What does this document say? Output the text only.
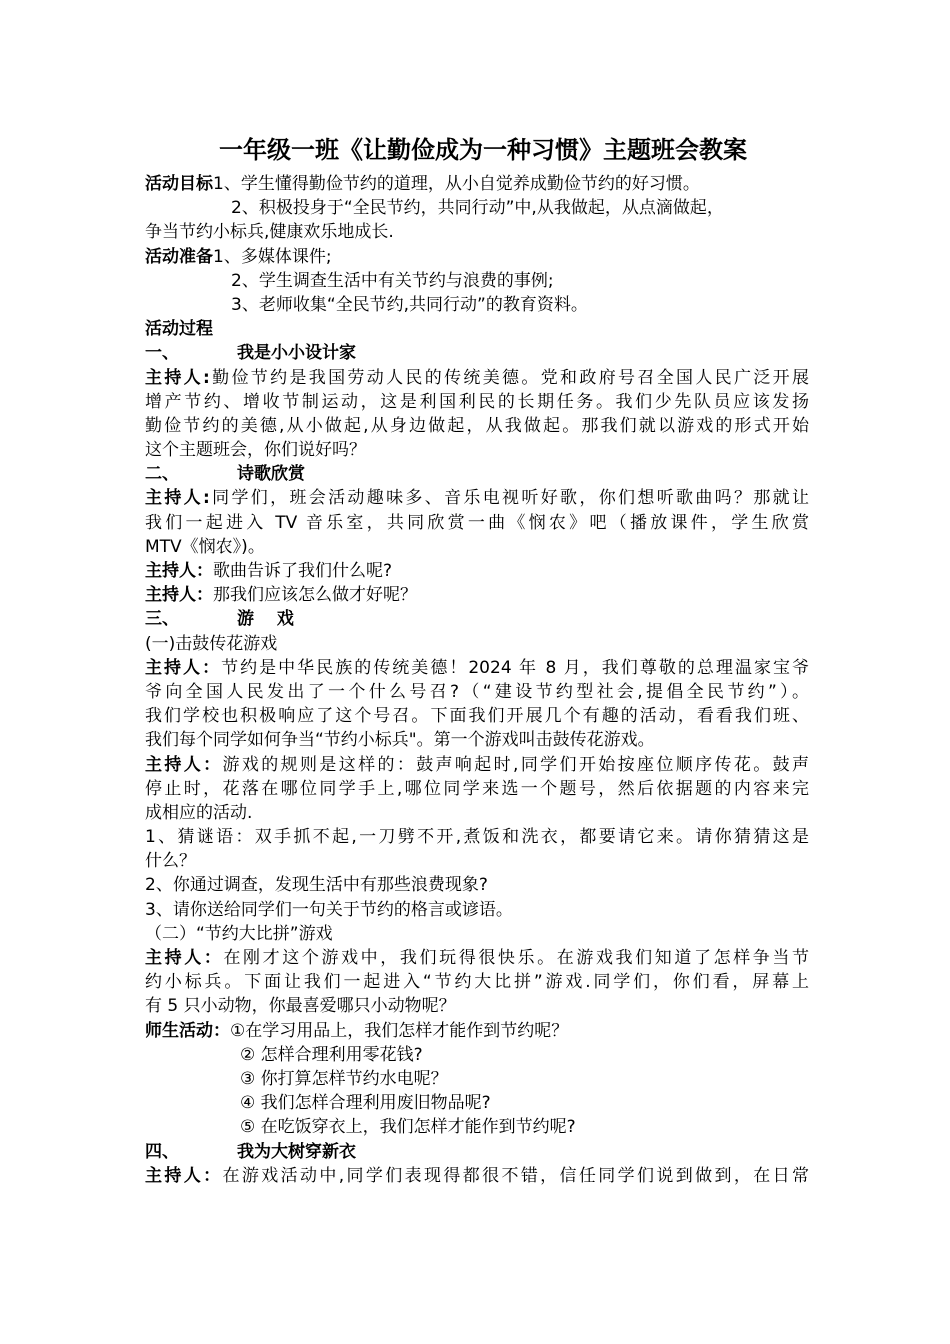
一年级一班《让勤俭成为一种习惯》主题班会教案
活动目标1、学生懂得勤俭节约的道理，从小自觉养成勤俭节约的好习惯。
2、积极投身于“全民节约，共同行动”中,从我做起，从点滴做起，
争当节约小标兵,健康欢乐地成长.
活动准备1、多媒体课件;
2、学生调查生活中有关节约与浪费的事例;
3、老师收集“全民节约,共同行动”的教育资料。
活动过程
一、	我是小小设计家
主持人:勤俭节约是我国劳动人民的传统美德。党和政府号召全国人民广泛开展
增产节约、增收节制运动，这是利国利民的长期任务。我们少先队员应该发扬
勤俭节约的美德,从小做起,从身边做起，从我做起。那我们就以游戏的形式开始
这个主题班会，你们说好吗？
二、	诗歌欣赏
主持人:同学们，班会活动趣味多、音乐电视听好歌，你们想听歌曲吗？那就让
我们一起进入 TV 音乐室，共同欣赏一曲《悯农》吧（播放课件，学生欣赏
MTV《悯农》)。
主持人：歌曲告诉了我们什么呢?
主持人：那我们应该怎么做才好呢？
三、	游　 戏
(一)击鼓传花游戏
主持人：节约是中华民族的传统美德！2024 年 8 月，我们尊敬的总理温家宝爷
爷向全国人民发出了一个什么号召?（“建设节约型社会,提倡全民节约”）。
我们学校也积极响应了这个号召。下面我们开展几个有趣的活动，看看我们班、
我们每个同学如何争当“节约小标兵"。第一个游戏叫击鼓传花游戏。
主持人：游戏的规则是这样的：鼓声响起时,同学们开始按座位顺序传花。鼓声
停止时，花落在哪位同学手上,哪位同学来选一个题号，然后依据题的内容来完
成相应的活动.
1、猜谜语：双手抓不起,一刀劈不开,煮饭和洗衣，都要请它来。请你猜猜这是
什么？
2、你通过调查，发现生活中有那些浪费现象?
3、请你送给同学们一句关于节约的格言或谚语。
（二）“节约大比拼”游戏
主持人：在刚才这个游戏中，我们玩得很快乐。在游戏我们知道了怎样争当节
约小标兵。下面让我们一起进入“节约大比拼”游戏.同学们，你们看，屏幕上
有 5 只小动物，你最喜爱哪只小动物呢？
师生活动：①在学习用品上，我们怎样才能作到节约呢？
② 怎样合理利用零花钱?
③ 你打算怎样节约水电呢？
④ 我们怎样合理利用废旧物品呢?
⑤ 在吃饭穿衣上，我们怎样才能作到节约呢?
四、	我为大树穿新衣
主持人：在游戏活动中,同学们表现得都很不错，信任同学们说到做到，在日常
